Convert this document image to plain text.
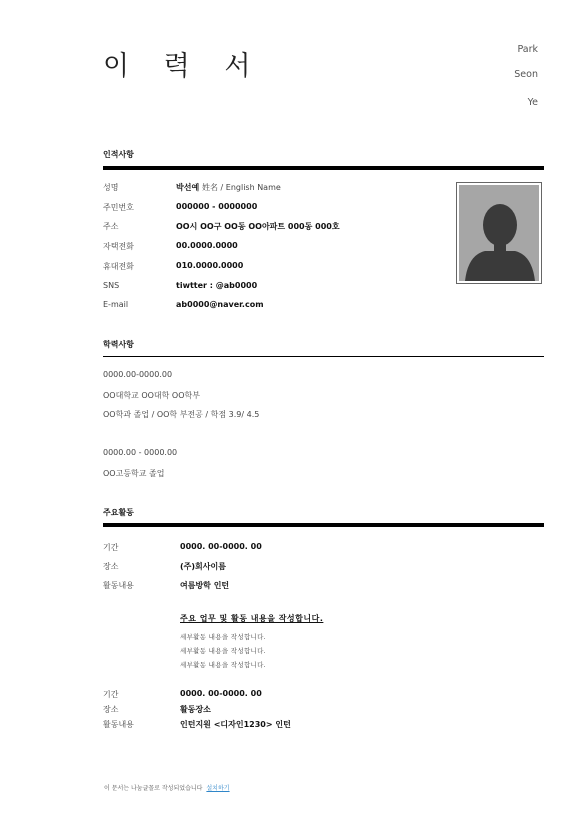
이 력 서
Park
Seon
Ye
인적사항
성명	박선예 姓名 / English Name
주민번호	000000 - 0000000
주소	OO시 OO구 OO동 OO아파트 000동 000호
자택전화	00.0000.0000
휴대전화	010.0000.0000
SNS	tiwtter : @ab0000
E-mail	ab0000@naver.com
학력사항
0000.00-0000.00
OO대학교 OO대학 OO학부
OO학과 졸업 / OO학 부전공 / 학점 3.9/ 4.5
0000.00 - 0000.00
OO고등학교 졸업
주요활동
기간	0000. 00-0000. 00
장소	(주)회사이름
활동내용	여름방학 인턴
주요 업무 및 활동 내용을 작성합니다.
세부활동 내용을 작성합니다.
세부활동 내용을 작성합니다.
세부활동 내용을 작성합니다.
기간	0000. 00-0000. 00
장소	활동장소
활동내용	인턴지원 <디자인1230> 인턴
이 문서는 나눔글꼴로 작성되었습니다 설치하기
